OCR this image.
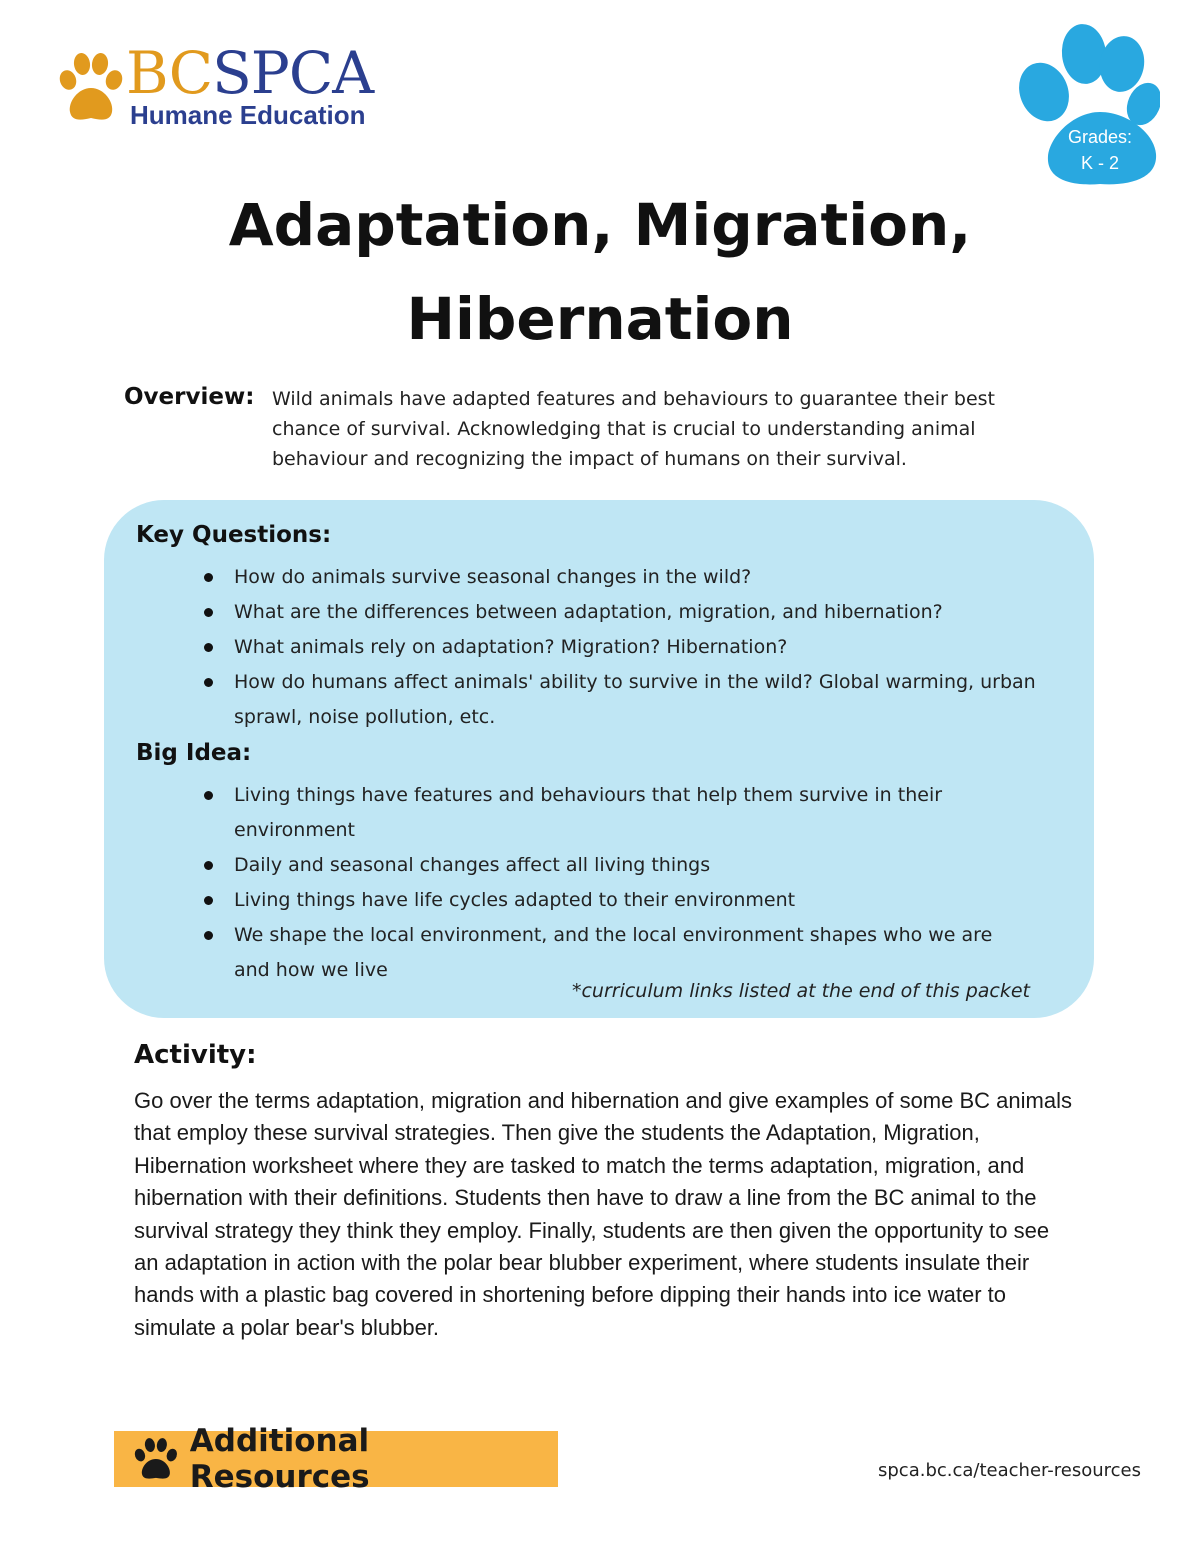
BCSPCA
Humane Education
Grades:
K - 2
Adaptation, Migration,
Hibernation
Overview: Wild animals have adapted features and behaviours to guarantee their best chance of survival. Acknowledging that is crucial to understanding animal behaviour and recognizing the impact of humans on their survival.

Key Questions:
How do animals survive seasonal changes in the wild?
What are the differences between adaptation, migration, and hibernation?
What animals rely on adaptation? Migration? Hibernation?
How do humans affect animals' ability to survive in the wild? Global warming, urban sprawl, noise pollution, etc.
Big Idea:
Living things have features and behaviours that help them survive in their environment
Daily and seasonal changes affect all living things
Living things have life cycles adapted to their environment
We shape the local environment, and the local environment shapes who we are and how we live
*curriculum links listed at the end of this packet
Activity:

Go over the terms adaptation, migration and hibernation and give examples of some BC animals that employ these survival strategies. Then give the students the Adaptation, Migration, Hibernation worksheet where they are tasked to match the terms adaptation, migration, and hibernation with their definitions. Students then have to draw a line from the BC animal to the survival strategy they think they employ. Finally, students are then given the opportunity to see an adaptation in action with the polar bear blubber experiment, where students insulate their hands with a plastic bag covered in shortening before dipping their hands into ice water to simulate a polar bear's blubber.

Additional Resources	spca.bc.ca/teacher-resources
